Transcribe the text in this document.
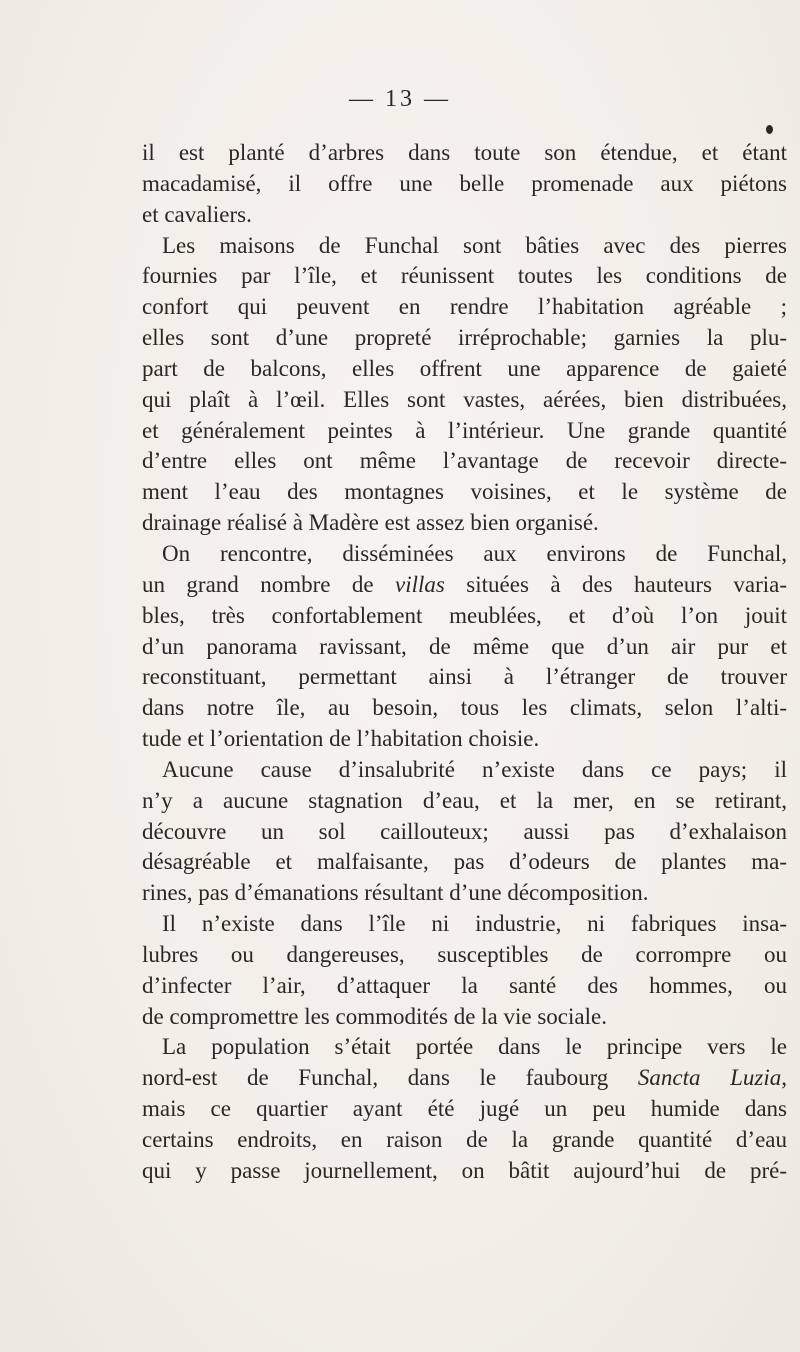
— 13 —
il est planté d’arbres dans toute son étendue, et étant
macadamisé, il offre une belle promenade aux piétons
et cavaliers.
Les maisons de Funchal sont bâties avec des pierres
fournies par l’île, et réunissent toutes les conditions de
confort qui peuvent en rendre l’habitation agréable ;
elles sont d’une propreté irréprochable; garnies la plu-
part de balcons, elles offrent une apparence de gaieté
qui plaît à l’œil. Elles sont vastes, aérées, bien distribuées,
et généralement peintes à l’intérieur. Une grande quantité
d’entre elles ont même l’avantage de recevoir directe-
ment l’eau des montagnes voisines, et le système de
drainage réalisé à Madère est assez bien organisé.
On rencontre, disséminées aux environs de Funchal,
un grand nombre de villas situées à des hauteurs varia-
bles, très confortablement meublées, et d’où l’on jouit
d’un panorama ravissant, de même que d’un air pur et
reconstituant, permettant ainsi à l’étranger de trouver
dans notre île, au besoin, tous les climats, selon l’alti-
tude et l’orientation de l’habitation choisie.
Aucune cause d’insalubrité n’existe dans ce pays; il
n’y a aucune stagnation d’eau, et la mer, en se retirant,
découvre un sol caillouteux; aussi pas d’exhalaison
désagréable et malfaisante, pas d’odeurs de plantes ma-
rines, pas d’émanations résultant d’une décomposition.
Il n’existe dans l’île ni industrie, ni fabriques insa-
lubres ou dangereuses, susceptibles de corrompre ou
d’infecter l’air, d’attaquer la santé des hommes, ou
de compromettre les commodités de la vie sociale.
La population s’était portée dans le principe vers le
nord-est de Funchal, dans le faubourg Sancta Luzia,
mais ce quartier ayant été jugé un peu humide dans
certains endroits, en raison de la grande quantité d’eau
qui y passe journellement, on bâtit aujourd’hui de pré-
